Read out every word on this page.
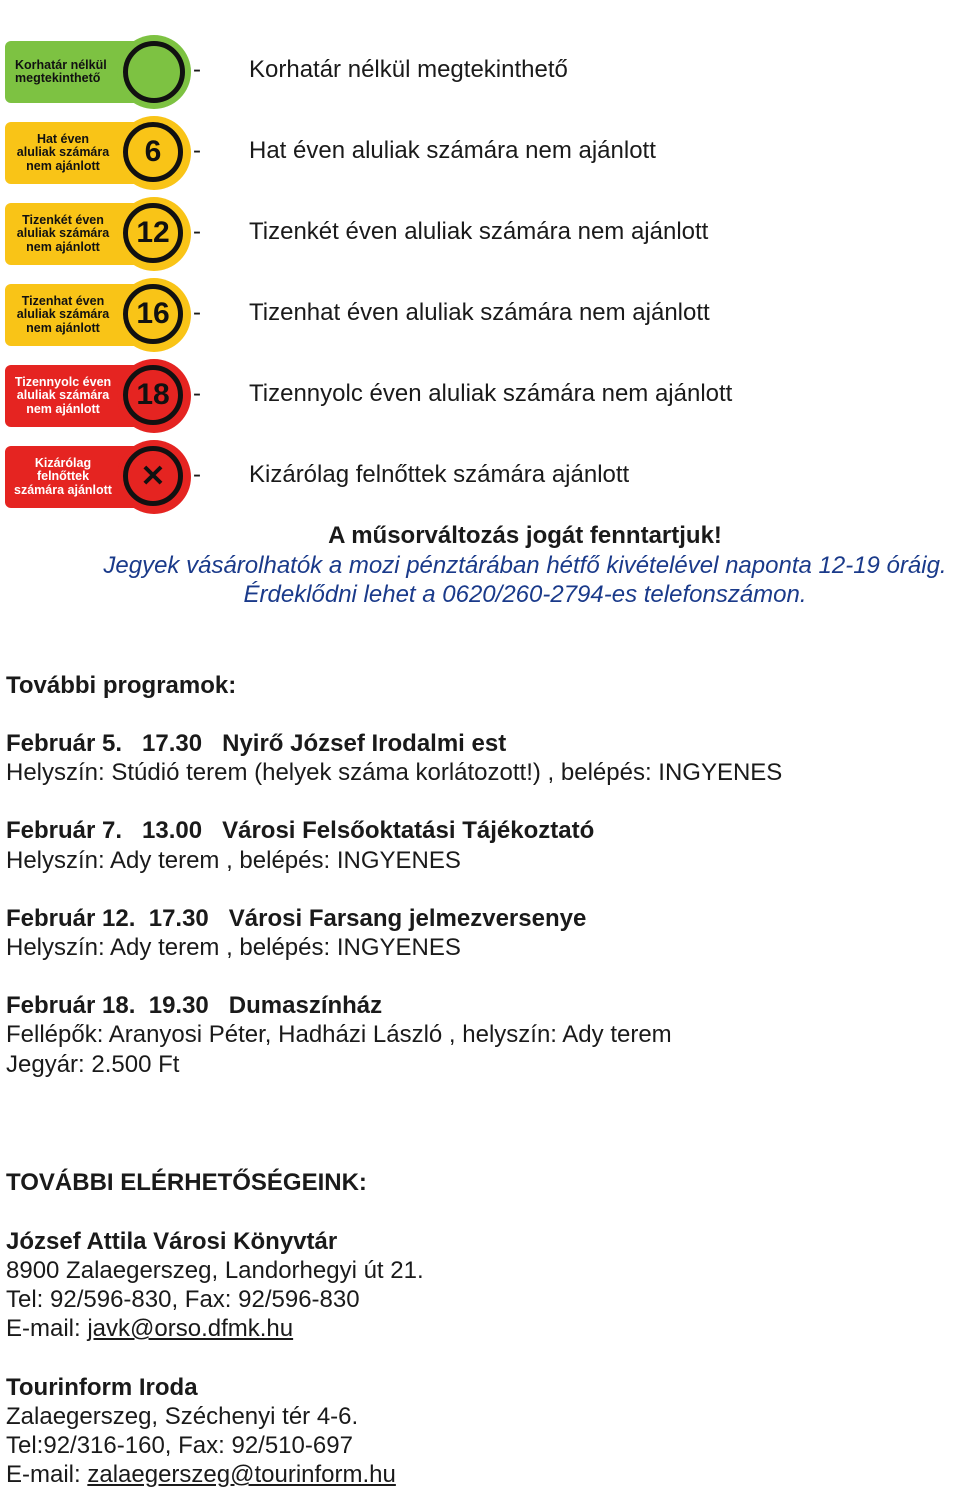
Korhatár nélkül
megtekinthető	- Korhatár nélkül megtekinthető
6
Hat éven
aluliak számára
nem ajánlott
- Hat éven aluliak számára nem ajánlott
12
Tizenkét éven
aluliak számára
nem ajánlott
- Tizenkét éven aluliak számára nem ajánlott
16
Tizenhat éven
aluliak számára
nem ajánlott
- Tizenhat éven aluliak számára nem ajánlott
18
Tizennyolc éven
aluliak számára
nem ajánlott
- Tizennyolc éven aluliak számára nem ajánlott
✕
Kizárólag felnőttek
számára ajánlott
- Kizárólag felnőttek számára ajánlott
A műsorváltozás jogát fenntartjuk!
Jegyek vásárolhatók a mozi pénztárában hétfő kivételével naponta 12-19 óráig.
Érdeklődni lehet a 0620/260-2794-es telefonszámon.
További programok:
Február 5.   17.30   Nyirő József Irodalmi est
Helyszín: Stúdió terem (helyek száma korlátozott!) , belépés: INGYENES
Február 7.   13.00   Városi Felsőoktatási Tájékoztató
Helyszín: Ady terem , belépés: INGYENES
Február 12.  17.30   Városi Farsang jelmezversenye
Helyszín: Ady terem , belépés: INGYENES
Február 18.  19.30   Dumaszínház
Fellépők: Aranyosi Péter, Hadházi László , helyszín: Ady terem
Jegyár: 2.500 Ft
TOVÁBBI ELÉRHETŐSÉGEINK:
József Attila Városi Könyvtár
8900 Zalaegerszeg, Landorhegyi út 21.
Tel: 92/596-830, Fax: 92/596-830
E-mail: javk@orso.dfmk.hu
Tourinform Iroda
Zalaegerszeg, Széchenyi tér 4-6.
Tel:92/316-160, Fax: 92/510-697
E-mail: zalaegerszeg@tourinform.hu
